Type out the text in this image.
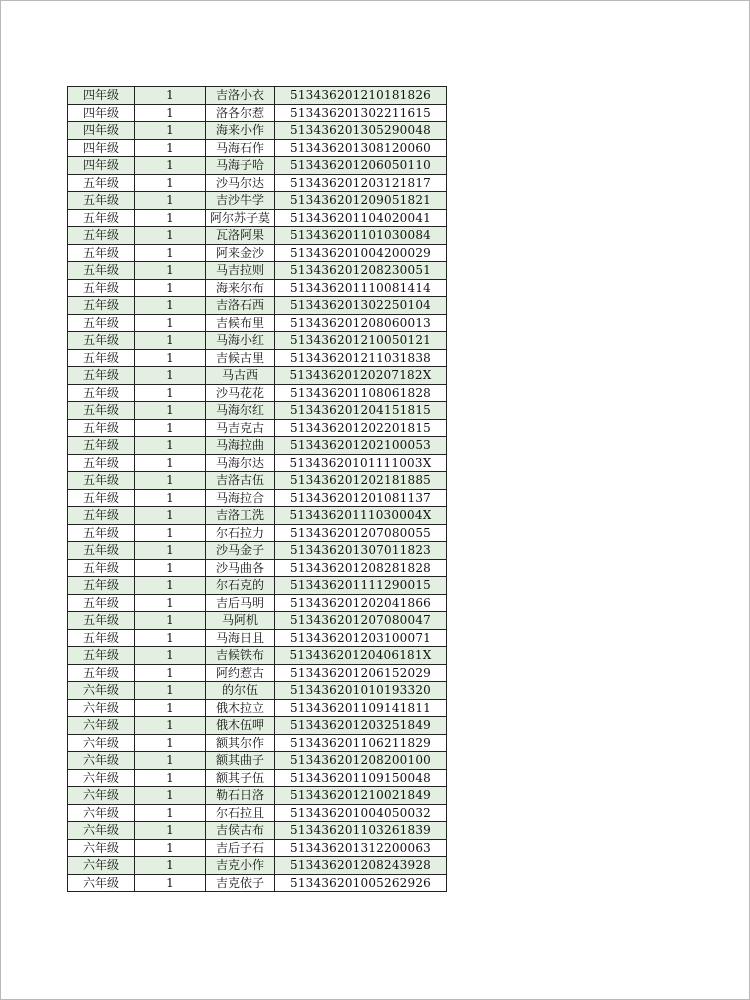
四年级	1	吉洛小衣	513436201210181826
四年级	1	洛各尔惹	513436201302211615
四年级	1	海来小作	513436201305290048
四年级	1	马海石作	513436201308120060
四年级	1	马海子哈	513436201206050110
五年级	1	沙马尔达	513436201203121817
五年级	1	吉沙牛学	513436201209051821
五年级	1	阿尔苏子莫	513436201104020041
五年级	1	瓦洛阿果	513436201101030084
五年级	1	阿来金沙	513436201004200029
五年级	1	马吉拉则	513436201208230051
五年级	1	海来尔布	513436201110081414
五年级	1	吉洛石西	513436201302250104
五年级	1	吉候布里	513436201208060013
五年级	1	马海小红	513436201210050121
五年级	1	吉候古里	513436201211031838
五年级	1	马古西	51343620120207182X
五年级	1	沙马花花	513436201108061828
五年级	1	马海尔红	513436201204151815
五年级	1	马吉克古	513436201202201815
五年级	1	马海拉曲	513436201202100053
五年级	1	马海尔达	51343620101111003X
五年级	1	吉洛古伍	513436201202181885
五年级	1	马海拉合	513436201201081137
五年级	1	吉洛工洗	51343620111030004X
五年级	1	尔石拉力	513436201207080055
五年级	1	沙马金子	513436201307011823
五年级	1	沙马曲各	513436201208281828
五年级	1	尔石克的	513436201111290015
五年级	1	吉后马明	513436201202041866
五年级	1	马阿机	513436201207080047
五年级	1	马海日且	513436201203100071
五年级	1	吉候铁布	51343620120406181X
五年级	1	阿约惹古	513436201206152029
六年级	1	的尔伍	513436201010193320
六年级	1	俄木拉立	513436201109141811
六年级	1	俄木伍呷	513436201203251849
六年级	1	额其尔作	513436201106211829
六年级	1	额其曲子	513436201208200100
六年级	1	额其子伍	513436201109150048
六年级	1	勒石日洛	513436201210021849
六年级	1	尔石拉且	513436201004050032
六年级	1	吉侯古布	513436201103261839
六年级	1	吉后子石	513436201312200063
六年级	1	吉克小作	513436201208243928
六年级	1	吉克依子	513436201005262926
